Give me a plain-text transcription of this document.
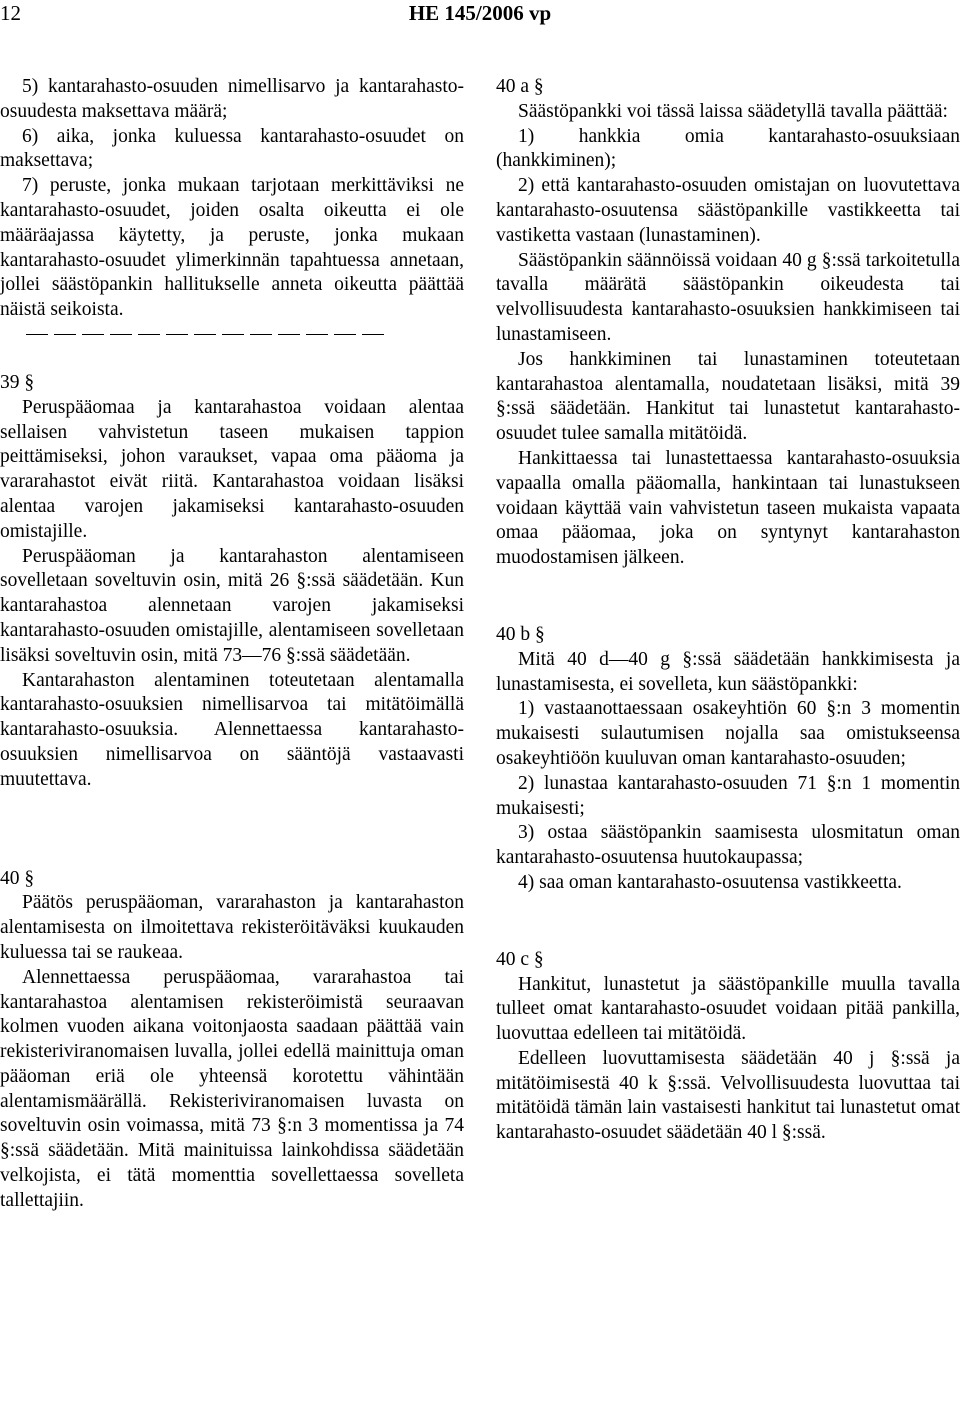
12	HE 145/2006 vp

5) kantarahasto-osuuden nimellisarvo ja kantarahasto-osuudesta maksettava määrä;

6) aika, jonka kuluessa kantarahasto-osuudet on maksettava;

7) peruste, jonka mukaan tarjotaan merkittäviksi ne kantarahasto-osuudet, joiden osalta oikeutta ei ole määräajassa käytetty, ja peruste, jonka mukaan kantarahasto-osuudet ylimerkinnän tapahtuessa annetaan, jollei säästöpankin hallitukselle anneta oikeutta päättää näistä seikoista.

39 §

Peruspääomaa ja kantarahastoa voidaan alentaa sellaisen vahvistetun taseen mukaisen tappion peittämiseksi, johon varaukset, vapaa oma pääoma ja vararahastot eivät riitä. Kantarahastoa voidaan lisäksi alentaa varojen jakamiseksi kantarahasto-osuuden omistajille.

Peruspääoman ja kantarahaston alentamiseen sovelletaan soveltuvin osin, mitä 26 §:ssä säädetään. Kun kantarahastoa alennetaan varojen jakamiseksi kantarahasto-osuuden omistajille, alentamiseen sovelletaan lisäksi soveltuvin osin, mitä 73—76 §:ssä säädetään.

Kantarahaston alentaminen toteutetaan alentamalla kantarahasto-osuuksien nimellisarvoa tai mitätöimällä kantarahasto-osuuksia. Alennettaessa kantarahasto-osuuksien nimellisarvoa on sääntöjä vastaavasti muutettava.

40 §

Päätös peruspääoman, vararahaston ja kantarahaston alentamisesta on ilmoitettava rekisteröitäväksi kuukauden kuluessa tai se raukeaa.

Alennettaessa peruspääomaa, vararahastoa tai kantarahastoa alentamisen rekisteröimistä seuraavan kolmen vuoden aikana voitonjaosta saadaan päättää vain rekisteriviranomaisen luvalla, jollei edellä mainittuja oman pääoman eriä ole yhteensä korotettu vähintään alentamismäärällä. Rekisteriviranomaisen luvasta on soveltuvin osin voimassa, mitä 73 §:n 3 momentissa ja 74 §:ssä säädetään. Mitä mainituissa lainkohdissa säädetään velkojista, ei tätä momenttia sovellettaessa sovelleta tallettajiin.

40 a §

Säästöpankki voi tässä laissa säädetyllä tavalla päättää:

1) hankkia omia kantarahasto-osuuksiaan (hankkiminen);

2) että kantarahasto-osuuden omistajan on luovutettava kantarahasto-osuutensa säästöpankille vastikkeetta tai vastiketta vastaan (lunastaminen).

Säästöpankin säännöissä voidaan 40 g §:ssä tarkoitetulla tavalla määrätä säästöpankin oikeudesta tai velvollisuudesta kantarahasto-osuuksien hankkimiseen tai lunastamiseen.

Jos hankkiminen tai lunastaminen toteutetaan kantarahastoa alentamalla, noudatetaan lisäksi, mitä 39 §:ssä säädetään. Hankitut tai lunastetut kantarahasto-osuudet tulee samalla mitätöidä.

Hankittaessa tai lunastettaessa kantarahasto-osuuksia vapaalla omalla pääomalla, hankintaan tai lunastukseen voidaan käyttää vain vahvistetun taseen mukaista vapaata omaa pääomaa, joka on syntynyt kantarahaston muodostamisen jälkeen.

40 b §

Mitä 40 d—40 g §:ssä säädetään hankkimisesta ja lunastamisesta, ei sovelleta, kun säästöpankki:

1) vastaanottaessaan osakeyhtiön 60 §:n 3 momentin mukaisesti sulautumisen nojalla saa omistukseensa osakeyhtiöön kuuluvan oman kantarahasto-osuuden;

2) lunastaa kantarahasto-osuuden 71 §:n 1 momentin mukaisesti;

3) ostaa säästöpankin saamisesta ulosmitatun oman kantarahasto-osuutensa huutokaupassa;

4) saa oman kantarahasto-osuutensa vastikkeetta.

40 c §

Hankitut, lunastetut ja säästöpankille muulla tavalla tulleet omat kantarahasto-osuudet voidaan pitää pankilla, luovuttaa edelleen tai mitätöidä.

Edelleen luovuttamisesta säädetään 40 j §:ssä ja mitätöimisestä 40 k §:ssä. Velvollisuudesta luovuttaa tai mitätöidä tämän lain vastaisesti hankitut tai lunastetut omat kantarahasto-osuudet säädetään 40 l §:ssä.
